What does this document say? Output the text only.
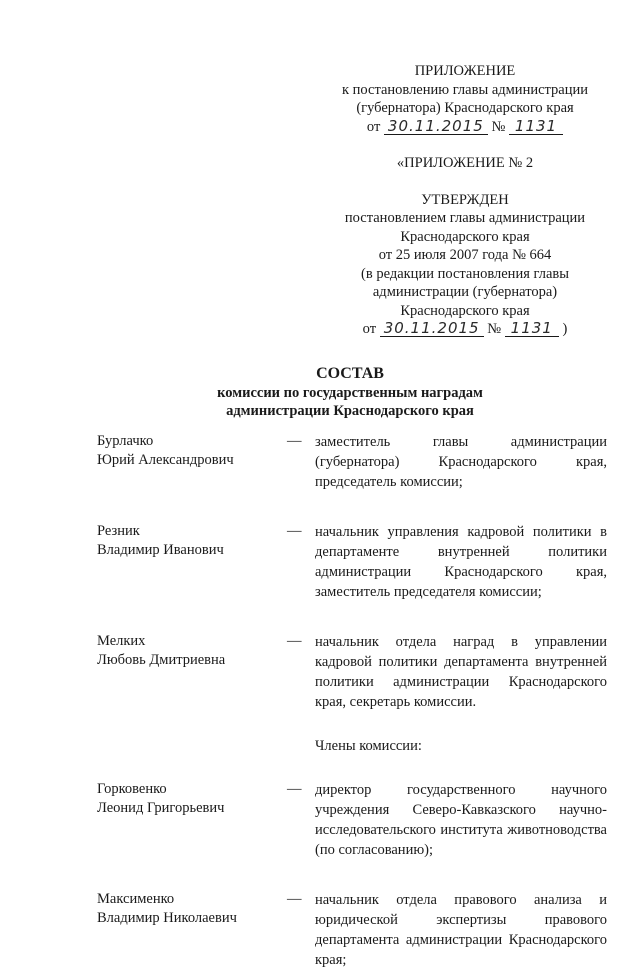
ПРИЛОЖЕНИЕ
к постановлению главы администрации
(губернатора) Краснодарского края
от 30.11.2015 № 1131
«ПРИЛОЖЕНИЕ № 2
УТВЕРЖДЕН
постановлением главы администрации
Краснодарского края
от 25 июля 2007 года № 664
(в редакции постановления главы
администрации (губернатора)
Краснодарского края
от 30.11.2015 № 1131 )
СОСТАВ
комиссии по государственным наградам
администрации Краснодарского края
Бурлачко
Юрий Александрович
— заместитель главы администрации (губернатора) Краснодарского края, председатель комиссии;
Резник
Владимир Иванович
— начальник управления кадровой политики в департаменте внутренней политики администрации Краснодарского края, заместитель председателя комиссии;
Мелких
Любовь Дмитриевна
— начальник отдела наград в управлении кадровой политики департамента внутренней политики администрации Краснодарского края, секретарь комиссии.
Члены комиссии:
Горковенко
Леонид Григорьевич
— директор государственного научного учреждения Северо-Кавказского научно-исследовательского института животноводства (по согласованию);
Максименко
Владимир Николаевич
— начальник отдела правового анализа и юридической экспертизы правового департамента администрации Краснодарского края;
